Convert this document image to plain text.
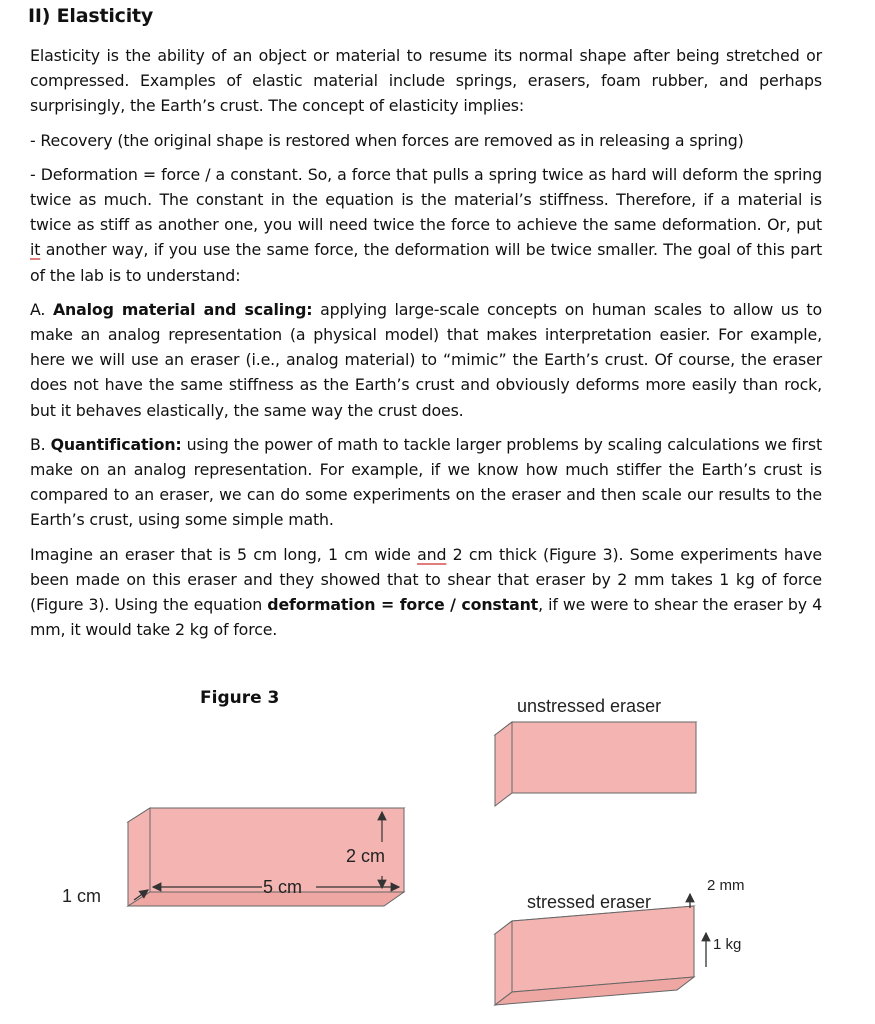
II) Elasticity

Elasticity is the ability of an object or material to resume its normal shape after being stretched or compressed. Examples of elastic material include springs, erasers, foam rubber, and perhaps surprisingly, the Earth’s crust. The concept of elasticity implies:

- Recovery (the original shape is restored when forces are removed as in releasing a spring)

- Deformation = force / a constant. So, a force that pulls a spring twice as hard will deform the spring twice as much. The constant in the equation is the material’s stiffness. Therefore, if a material is twice as stiff as another one, you will need twice the force to achieve the same deformation. Or, put it another way, if you use the same force, the deformation will be twice smaller. The goal of this part of the lab is to understand:

A. Analog material and scaling: applying large-scale concepts on human scales to allow us to make an analog representation (a physical model) that makes interpretation easier. For example, here we will use an eraser (i.e., analog material) to “mimic” the Earth’s crust. Of course, the eraser does not have the same stiffness as the Earth’s crust and obviously deforms more easily than rock, but it behaves elastically, the same way the crust does.

B. Quantification: using the power of math to tackle larger problems by scaling calculations we first make on an analog representation. For example, if we know how much stiffer the Earth’s crust is compared to an eraser, we can do some experiments on the eraser and then scale our results to the Earth’s crust, using some simple math.

Imagine an eraser that is 5 cm long, 1 cm wide and 2 cm thick (Figure 3). Some experiments have been made on this eraser and they showed that to shear that eraser by 2 mm takes 1 kg of force (Figure 3). Using the equation deformation = force / constant, if we were to shear the eraser by 4 mm, it would take 2 kg of force.

Figure 3	unstressed eraser
stressed eraser
1 cm	5 cm
2 cm
2 mm
1 kg
